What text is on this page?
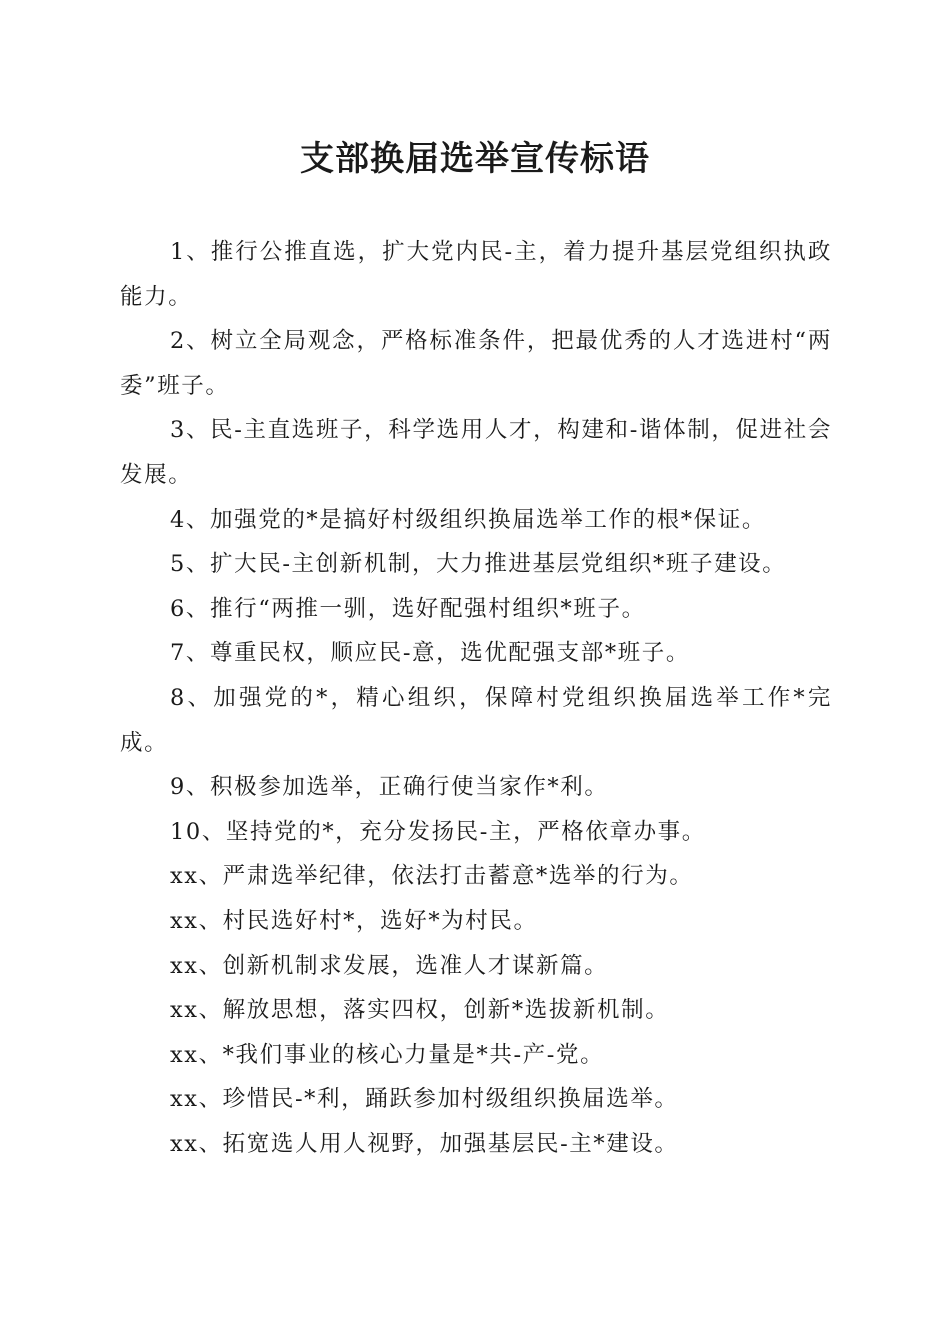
支部换届选举宣传标语

1、推行公推直选，扩大党内民-主，着力提升基层党组织执政能力。

2、树立全局观念，严格标准条件，把最优秀的人才选进村“两委”班子。

3、民-主直选班子，科学选用人才，构建和-谐体制，促进社会发展。

4、加强党的*是搞好村级组织换届选举工作的根*保证。

5、扩大民-主创新机制，大力推进基层党组织*班子建设。

6、推行“两推一驯，选好配强村组织*班子。

7、尊重民权，顺应民-意，选优配强支部*班子。

8、加强党的*，精心组织，保障村党组织换届选举工作*完成。

9、积极参加选举，正确行使当家作*利。

10、坚持党的*，充分发扬民-主，严格依章办事。

xx、严肃选举纪律，依法打击蓄意*选举的行为。

xx、村民选好村*，选好*为村民。

xx、创新机制求发展，选准人才谋新篇。

xx、解放思想，落实四权，创新*选拔新机制。

xx、*我们事业的核心力量是*共-产-党。

xx、珍惜民-*利，踊跃参加村级组织换届选举。

xx、拓宽选人用人视野，加强基层民-主*建设。
